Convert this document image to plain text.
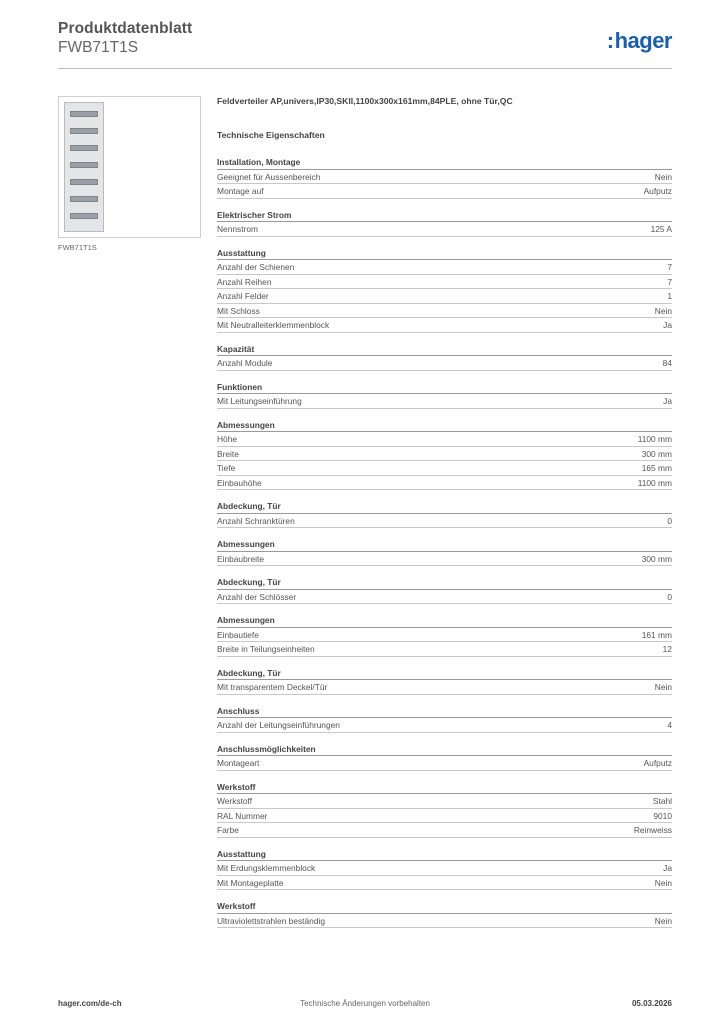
Produktdatenblatt
FWB71T1S	:hager
FWB71T1S
Feldverteiler AP,univers,IP30,SKII,1100x300x161mm,84PLE, ohne Tür,QC
Technische Eigenschaften
Installation, Montage
Geeignet für Aussenbereich	Nein
Montage auf	Aufputz
Elektrischer Strom
Nennstrom	125 A
Ausstattung
Anzahl der Schienen	7
Anzahl Reihen	7
Anzahl Felder	1
Mit Schloss	Nein
Mit Neutralleiterklemmenblock	Ja
Kapazität
Anzahl Module	84
Funktionen
Mit Leitungseinführung	Ja
Abmessungen
Höhe	1100 mm
Breite	300 mm
Tiefe	165 mm
Einbauhöhe	1100 mm
Abdeckung, Tür
Anzahl Schranktüren	0
Abmessungen
Einbaubreite	300 mm
Abdeckung, Tür
Anzahl der Schlösser	0
Abmessungen
Einbautiefe	161 mm
Breite in Teilungseinheiten	12
Abdeckung, Tür
Mit transparentem Deckel/Tür	Nein
Anschluss
Anzahl der Leitungseinführungen	4
Anschlussmöglichkeiten
Montageart	Aufputz
Werkstoff
Werkstoff	Stahl
RAL Nummer	9010
Farbe	Reinweiss
Ausstattung
Mit Erdungsklemmenblock	Ja
Mit Montageplatte	Nein
Werkstoff
Ultraviolettstrahlen beständig	Nein
hager.com/de-ch	Technische Änderungen vorbehalten	05.03.2026
